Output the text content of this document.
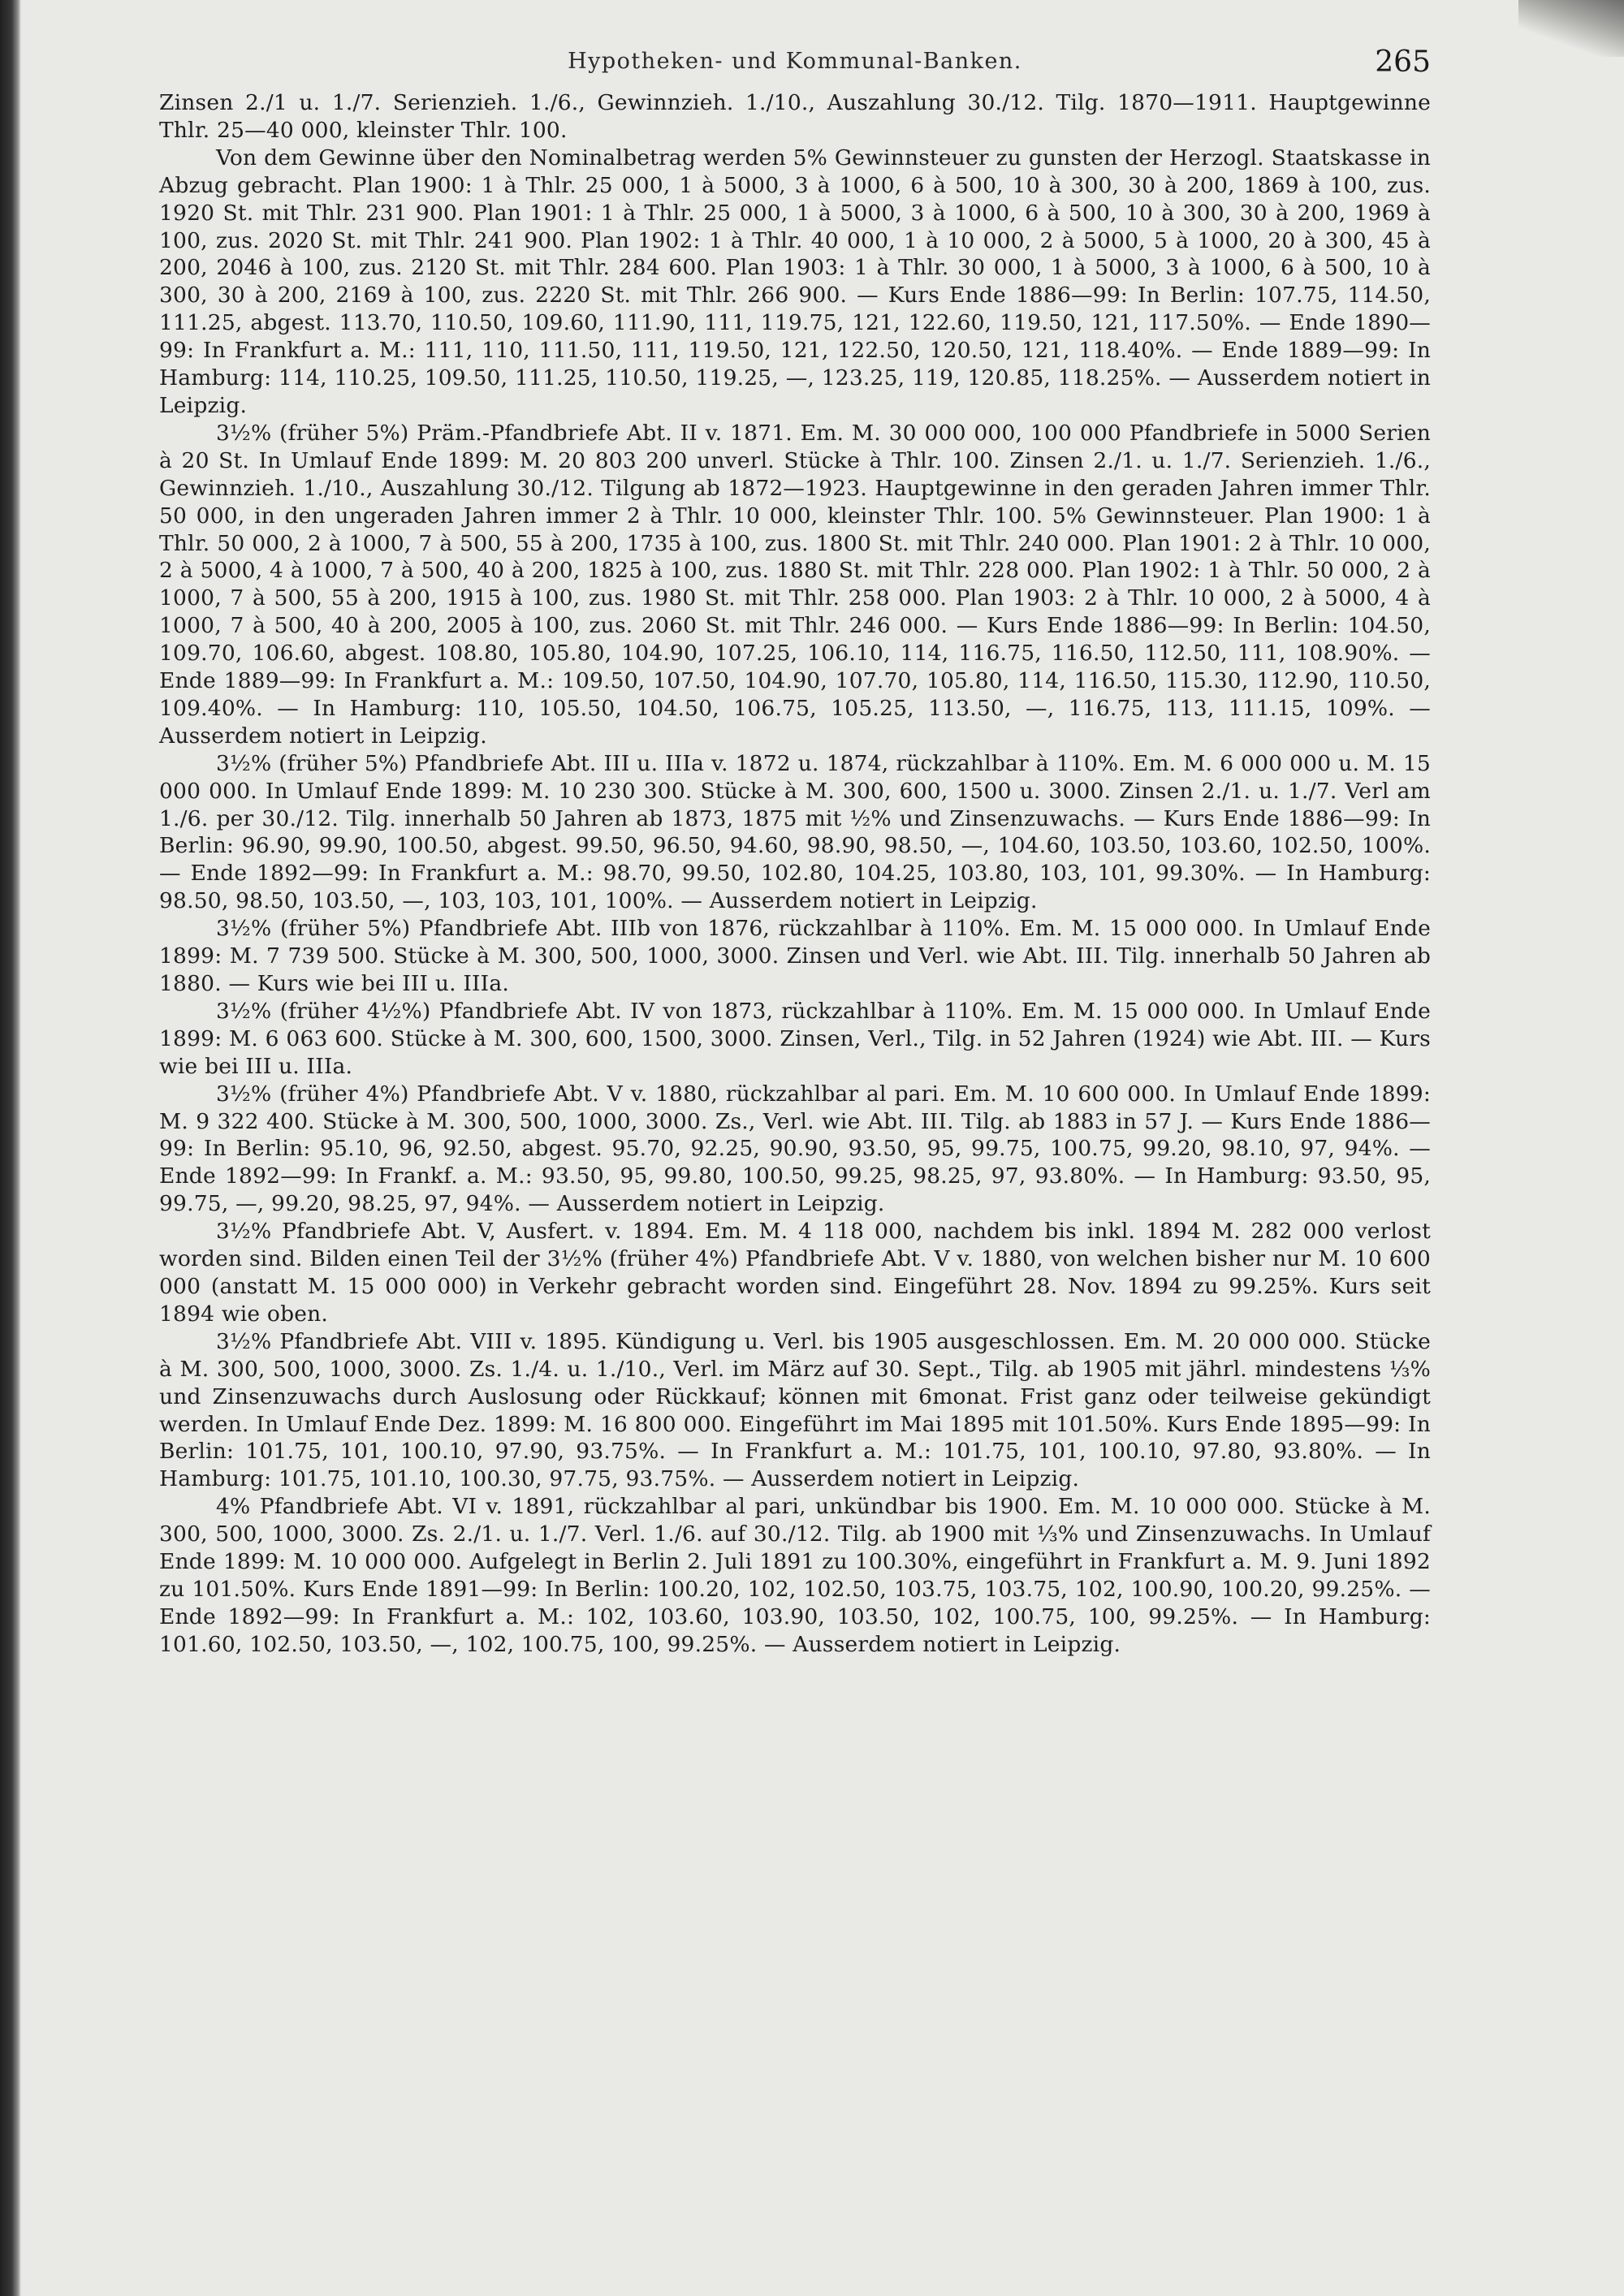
Hypotheken- und Kommunal-Banken.	265

Zinsen 2./1 u. 1./7. Serienzieh. 1./6., Gewinnzieh. 1./10., Auszahlung 30./12. Tilg. 1870—1911. Hauptgewinne Thlr. 25—40 000, kleinster Thlr. 100.

Von dem Gewinne über den Nominalbetrag werden 5% Gewinnsteuer zu gunsten der Herzogl. Staatskasse in Abzug gebracht. Plan 1900: 1 à Thlr. 25 000, 1 à 5000, 3 à 1000, 6 à 500, 10 à 300, 30 à 200, 1869 à 100, zus. 1920 St. mit Thlr. 231 900. Plan 1901: 1 à Thlr. 25 000, 1 à 5000, 3 à 1000, 6 à 500, 10 à 300, 30 à 200, 1969 à 100, zus. 2020 St. mit Thlr. 241 900. Plan 1902: 1 à Thlr. 40 000, 1 à 10 000, 2 à 5000, 5 à 1000, 20 à 300, 45 à 200, 2046 à 100, zus. 2120 St. mit Thlr. 284 600. Plan 1903: 1 à Thlr. 30 000, 1 à 5000, 3 à 1000, 6 à 500, 10 à 300, 30 à 200, 2169 à 100, zus. 2220 St. mit Thlr. 266 900. — Kurs Ende 1886—99: In Berlin: 107.75, 114.50, 111.25, abgest. 113.70, 110.50, 109.60, 111.90, 111, 119.75, 121, 122.60, 119.50, 121, 117.50%. — Ende 1890—99: In Frankfurt a. M.: 111, 110, 111.50, 111, 119.50, 121, 122.50, 120.50, 121, 118.40%. — Ende 1889—99: In Hamburg: 114, 110.25, 109.50, 111.25, 110.50, 119.25, —, 123.25, 119, 120.85, 118.25%. — Ausserdem notiert in Leipzig.

3½% (früher 5%) Präm.-Pfandbriefe Abt. II v. 1871. Em. M. 30 000 000, 100 000 Pfandbriefe in 5000 Serien à 20 St. In Umlauf Ende 1899: M. 20 803 200 unverl. Stücke à Thlr. 100. Zinsen 2./1. u. 1./7. Serienzieh. 1./6., Gewinnzieh. 1./10., Auszahlung 30./12. Tilgung ab 1872—1923. Hauptgewinne in den geraden Jahren immer Thlr. 50 000, in den ungeraden Jahren immer 2 à Thlr. 10 000, kleinster Thlr. 100. 5% Gewinnsteuer. Plan 1900: 1 à Thlr. 50 000, 2 à 1000, 7 à 500, 55 à 200, 1735 à 100, zus. 1800 St. mit Thlr. 240 000. Plan 1901: 2 à Thlr. 10 000, 2 à 5000, 4 à 1000, 7 à 500, 40 à 200, 1825 à 100, zus. 1880 St. mit Thlr. 228 000. Plan 1902: 1 à Thlr. 50 000, 2 à 1000, 7 à 500, 55 à 200, 1915 à 100, zus. 1980 St. mit Thlr. 258 000. Plan 1903: 2 à Thlr. 10 000, 2 à 5000, 4 à 1000, 7 à 500, 40 à 200, 2005 à 100, zus. 2060 St. mit Thlr. 246 000. — Kurs Ende 1886—99: In Berlin: 104.50, 109.70, 106.60, abgest. 108.80, 105.80, 104.90, 107.25, 106.10, 114, 116.75, 116.50, 112.50, 111, 108.90%. — Ende 1889—99: In Frankfurt a. M.: 109.50, 107.50, 104.90, 107.70, 105.80, 114, 116.50, 115.30, 112.90, 110.50, 109.40%. — In Hamburg: 110, 105.50, 104.50, 106.75, 105.25, 113.50, —, 116.75, 113, 111.15, 109%. — Ausserdem notiert in Leipzig.

3½% (früher 5%) Pfandbriefe Abt. III u. IIIa v. 1872 u. 1874, rückzahlbar à 110%. Em. M. 6 000 000 u. M. 15 000 000. In Umlauf Ende 1899: M. 10 230 300. Stücke à M. 300, 600, 1500 u. 3000. Zinsen 2./1. u. 1./7. Verl am 1./6. per 30./12. Tilg. innerhalb 50 Jahren ab 1873, 1875 mit ½% und Zinsenzuwachs. — Kurs Ende 1886—99: In Berlin: 96.90, 99.90, 100.50, abgest. 99.50, 96.50, 94.60, 98.90, 98.50, —, 104.60, 103.50, 103.60, 102.50, 100%. — Ende 1892—99: In Frankfurt a. M.: 98.70, 99.50, 102.80, 104.25, 103.80, 103, 101, 99.30%. — In Hamburg: 98.50, 98.50, 103.50, —, 103, 103, 101, 100%. — Ausserdem notiert in Leipzig.

3½% (früher 5%) Pfandbriefe Abt. IIIb von 1876, rückzahlbar à 110%. Em. M. 15 000 000. In Umlauf Ende 1899: M. 7 739 500. Stücke à M. 300, 500, 1000, 3000. Zinsen und Verl. wie Abt. III. Tilg. innerhalb 50 Jahren ab 1880. — Kurs wie bei III u. IIIa.

3½% (früher 4½%) Pfandbriefe Abt. IV von 1873, rückzahlbar à 110%. Em. M. 15 000 000. In Umlauf Ende 1899: M. 6 063 600. Stücke à M. 300, 600, 1500, 3000. Zinsen, Verl., Tilg. in 52 Jahren (1924) wie Abt. III. — Kurs wie bei III u. IIIa.

3½% (früher 4%) Pfandbriefe Abt. V v. 1880, rückzahlbar al pari. Em. M. 10 600 000. In Umlauf Ende 1899: M. 9 322 400. Stücke à M. 300, 500, 1000, 3000. Zs., Verl. wie Abt. III. Tilg. ab 1883 in 57 J. — Kurs Ende 1886—99: In Berlin: 95.10, 96, 92.50, abgest. 95.70, 92.25, 90.90, 93.50, 95, 99.75, 100.75, 99.20, 98.10, 97, 94%. — Ende 1892—99: In Frankf. a. M.: 93.50, 95, 99.80, 100.50, 99.25, 98.25, 97, 93.80%. — In Hamburg: 93.50, 95, 99.75, —, 99.20, 98.25, 97, 94%. — Ausserdem notiert in Leipzig.

3½% Pfandbriefe Abt. V, Ausfert. v. 1894. Em. M. 4 118 000, nachdem bis inkl. 1894 M. 282 000 verlost worden sind. Bilden einen Teil der 3½% (früher 4%) Pfandbriefe Abt. V v. 1880, von welchen bisher nur M. 10 600 000 (anstatt M. 15 000 000) in Verkehr gebracht worden sind. Eingeführt 28. Nov. 1894 zu 99.25%. Kurs seit 1894 wie oben.

3½% Pfandbriefe Abt. VIII v. 1895. Kündigung u. Verl. bis 1905 ausgeschlossen. Em. M. 20 000 000. Stücke à M. 300, 500, 1000, 3000. Zs. 1./4. u. 1./10., Verl. im März auf 30. Sept., Tilg. ab 1905 mit jährl. mindestens ⅓% und Zinsenzuwachs durch Auslosung oder Rückkauf; können mit 6monat. Frist ganz oder teilweise gekündigt werden. In Umlauf Ende Dez. 1899: M. 16 800 000. Eingeführt im Mai 1895 mit 101.50%. Kurs Ende 1895—99: In Berlin: 101.75, 101, 100.10, 97.90, 93.75%. — In Frankfurt a. M.: 101.75, 101, 100.10, 97.80, 93.80%. — In Hamburg: 101.75, 101.10, 100.30, 97.75, 93.75%. — Ausserdem notiert in Leipzig.

4% Pfandbriefe Abt. VI v. 1891, rückzahlbar al pari, unkündbar bis 1900. Em. M. 10 000 000. Stücke à M. 300, 500, 1000, 3000. Zs. 2./1. u. 1./7. Verl. 1./6. auf 30./12. Tilg. ab 1900 mit ⅓% und Zinsenzuwachs. In Umlauf Ende 1899: M. 10 000 000. Aufgelegt in Berlin 2. Juli 1891 zu 100.30%, eingeführt in Frankfurt a. M. 9. Juni 1892 zu 101.50%. Kurs Ende 1891—99: In Berlin: 100.20, 102, 102.50, 103.75, 103.75, 102, 100.90, 100.20, 99.25%. — Ende 1892—99: In Frankfurt a. M.: 102, 103.60, 103.90, 103.50, 102, 100.75, 100, 99.25%. — In Hamburg: 101.60, 102.50, 103.50, —, 102, 100.75, 100, 99.25%. — Ausserdem notiert in Leipzig.
